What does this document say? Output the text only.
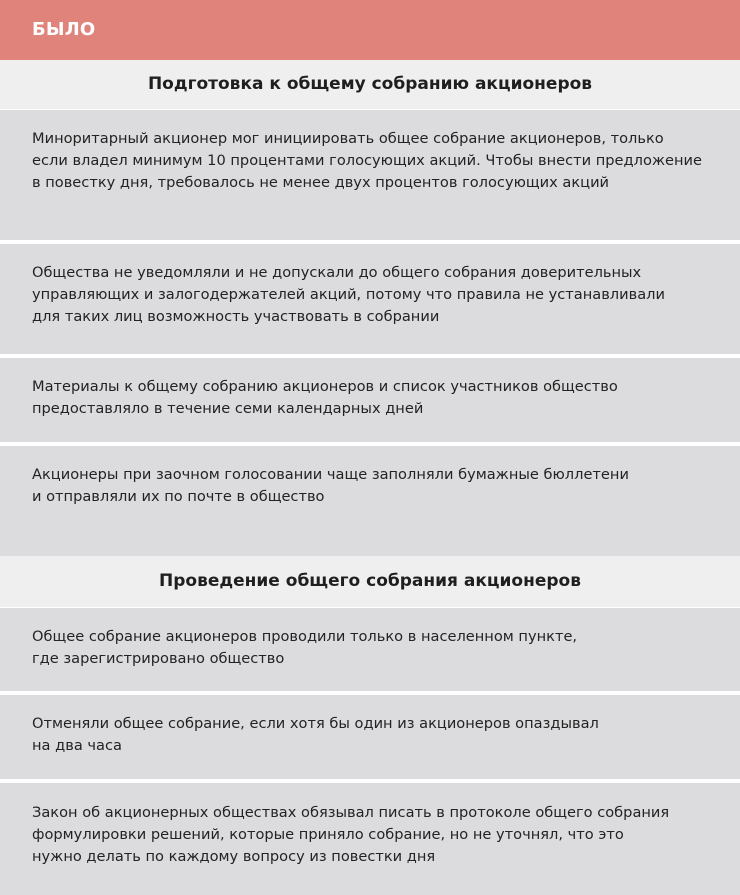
БЫЛО
Подготовка к общему собранию акционеров
Миноритарный акционер мог инициировать общее собрание акционеров, только
если владел минимум 10 процентами голосующих акций. Чтобы внести предложение
в повестку дня, требовалось не менее двух процентов голосующих акций
Общества не уведомляли и не допускали до общего собрания доверительных
управляющих и залогодержателей акций, потому что правила не устанавливали
для таких лиц возможность участвовать в собрании
Материалы к общему собранию акционеров и список участников общество
предоставляло в течение семи календарных дней
Акционеры при заочном голосовании чаще заполняли бумажные бюллетени
и отправляли их по почте в общество
Проведение общего собрания акционеров
Общее собрание акционеров проводили только в населенном пункте,
где зарегистрировано общество
Отменяли общее собрание, если хотя бы один из акционеров опаздывал
на два часа
Закон об акционерных обществах обязывал писать в протоколе общего собрания
формулировки решений, которые приняло собрание, но не уточнял, что это
нужно делать по каждому вопросу из повестки дня
